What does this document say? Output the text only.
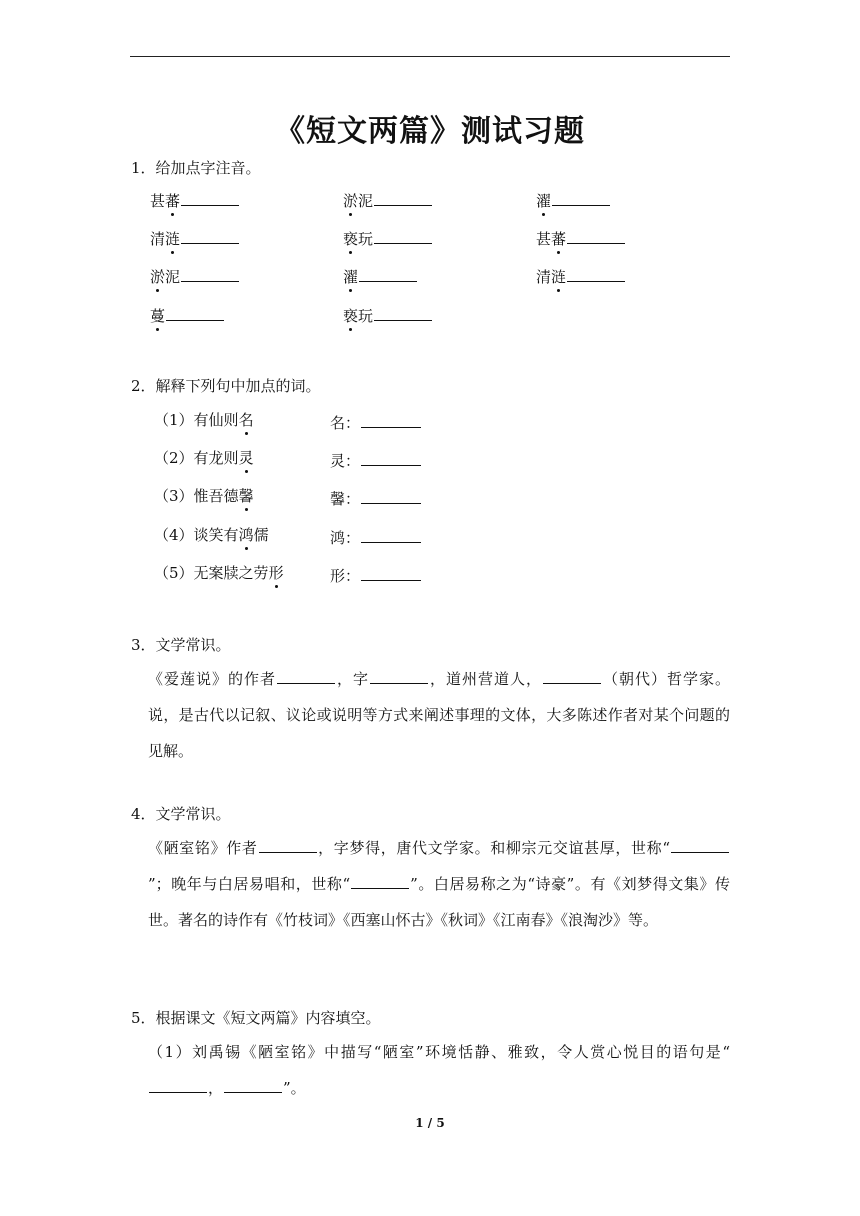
《短文两篇》测试习题
1．给加点字注音。
甚蕃	淤泥	濯
清涟	亵玩	甚蕃
淤泥	濯	清涟
蔓	亵玩
2．解释下列句中加点的词。
（1）有仙则名	名：
（2）有龙则灵	灵：
（3）惟吾德馨	馨：
（4）谈笑有鸿儒	鸿：
（5）无案牍之劳形	形：
3．文学常识。
《爱莲说》的作者	，字	，道州营道人，	（朝代）哲学家。说，是古代以记叙、议论或说明等方式来阐述事理的文体，大多陈述作者对某个问题的见解。
4．文学常识。
《陋室铭》作者	，字梦得，唐代文学家。和柳宗元交谊甚厚，世称“”；晚年与白居易唱和，世称“	”。白居易称之为“诗豪”。有《刘梦得文集》传世。著名的诗作有《竹枝词》《西塞山怀古》《秋词》《江南春》《浪淘沙》等。
5．根据课文《短文两篇》内容填空。
（1）刘禹锡《陋室铭》中描写“陋室”环境恬静、雅致，令人赏心悦目的语句是“，	”。
1 / 5
